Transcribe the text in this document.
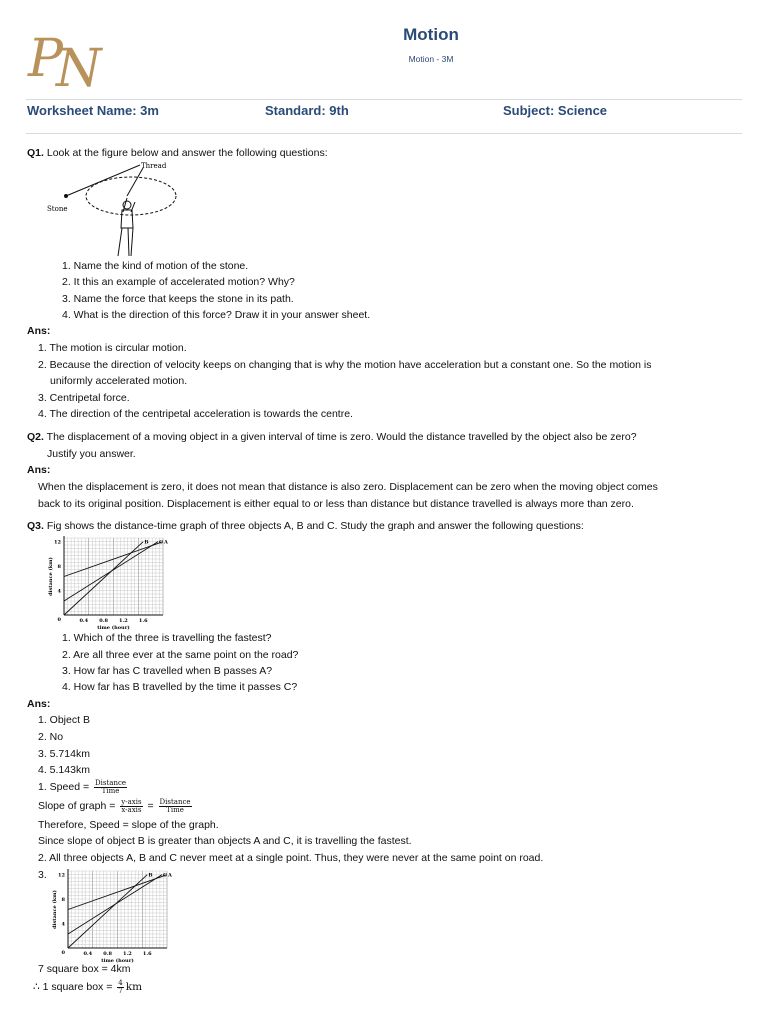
P
N
Motion
Motion - 3M
Worksheet Name: 3m	Standard: 9th	Subject: Science
Q1. Look at the figure below and answer the following questions:
Thread
Stone
1. Name the kind of motion of the stone.
2. It this an example of accelerated motion? Why?
3. Name the force that keeps the stone in its path.
4. What is the direction of this force? Draw it in your answer sheet.
Ans:
1. The motion is circular motion.
2. Because the direction of velocity keeps on changing that is why the motion have acceleration but a constant one. So the motion is
uniformly accelerated motion.
3. Centripetal force.
4. The direction of the centripetal acceleration is towards the centre.
Q2. The displacement of a moving object in a given interval of time is zero. Would the distance travelled by the object also be zero?
Justify you answer.
Ans:
When the displacement is zero, it does not mean that distance is also zero. Displacement can be zero when the moving object comes
back to its original position. Displacement is either equal to or less than distance but distance travelled is always more than zero.
Q3. Fig shows the distance-time graph of three objects A, B and C. Study the graph and answer the following questions:
A
B C
0.4 0.8 1.2 1.6
4
8
12
0
time (hour)
distance (km)
1. Which of the three is travelling the fastest?
2. Are all three ever at the same point on the road?
3. How far has C travelled when B passes A?
4. How far has B travelled by the time it passes C?
Ans:
1. Object B
2. No
3. 5.714km
4. 5.143km
1. Speed = $\frac{\text{Distance}}{\text{Time}}$
Slope of graph = $\frac{\text{y-axis}}{\text{x-axis}} = \frac{\text{Distance}}{\text{Time}}$
Therefore, Speed = slope of the graph.
Since slope of object B is greater than objects A and C, it is travelling the fastest.
2. All three objects A, B and C never meet at a single point. Thus, they were never at the same point on road.
3.	A
B C
0.4 0.8 1.2 1.6
4
8
12
0
time (hour)
distance (km)
7 square box = 4km
∴ 1 square box = $\frac{4}{7}$ km
